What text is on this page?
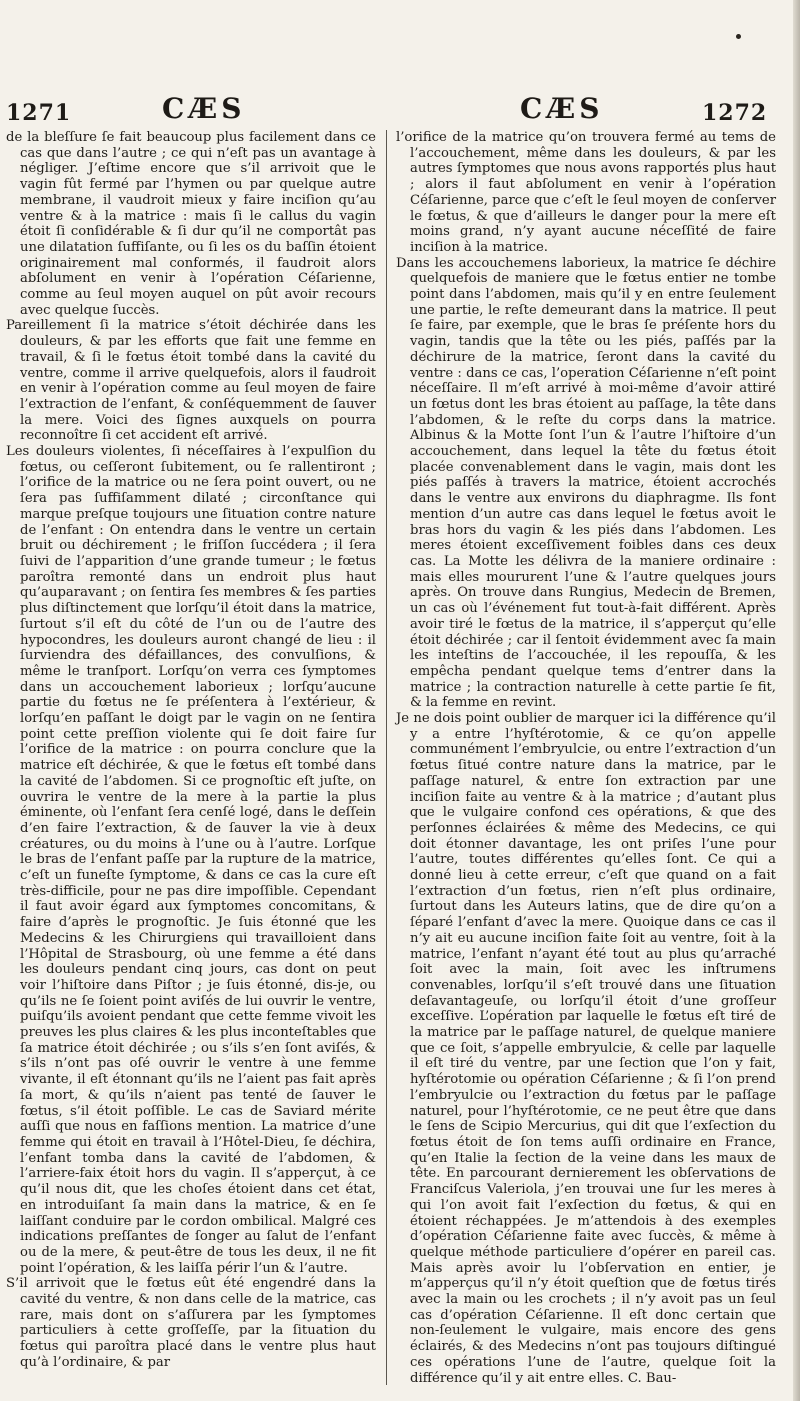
1271	CÆS	CÆS	1272

de la bleſſure ſe fait beaucoup plus facilement dans ce cas que dans l’autre ; ce qui n’eſt pas un avantage à négliger. J’eſtime encore que s’il arrivoit que le vagin fût fermé par l’hymen ou par quelque autre membrane, il vaudroit mieux y faire inciſion qu’au ventre & à la matrice : mais ſi le callus du vagin étoit ſi conſidérable & ſi dur qu’il ne comportât pas une dilatation ſuffiſante, ou ſi les os du baſſin étoient originairement mal conformés, il faudroit alors abſolument en venir à l’opération Céſarienne, comme au ſeul moyen auquel on pût avoir recours avec quelque ſuccès.

Pareillement ſi la matrice s’étoit déchirée dans les douleurs, & par les efforts que fait une femme en travail, & ſi le fœtus étoit tombé dans la cavité du ventre, comme il arrive quelquefois, alors il faudroit en venir à l’opération comme au ſeul moyen de faire l’extraction de l’enfant, & conſéquemment de ſauver la mere. Voici des ſignes auxquels on pourra reconnoître ſi cet accident eſt arrivé.

Les douleurs violentes, ſi néceſſaires à l’expulſion du fœtus, ou ceſſeront ſubitement, ou ſe rallentiront ; l’orifice de la matrice ou ne ſera point ouvert, ou ne ſera pas ſuffiſamment dilaté ; circonſtance qui marque preſque toujours une ſituation contre nature de l’enfant : On entendra dans le ventre un certain bruit ou déchirement ; le friſſon ſuccédera ; il ſera ſuivi de l’apparition d’une grande tumeur ; le fœtus paroîtra remonté dans un endroit plus haut qu’auparavant ; on ſentira ſes membres & ſes parties plus diſtinctement que lorſqu’il étoit dans la matrice, ſurtout s’il eſt du côté de l’un ou de l’autre des hypocondres, les douleurs auront changé de lieu : il ſurviendra des défaillances, des convulſions, & même le tranſport. Lorſqu’on verra ces ſymptomes dans un accouchement laborieux ; lorſqu’aucune partie du fœtus ne ſe préſentera à l’extérieur, & lorſqu’en paſſant le doigt par le vagin on ne ſentira point cette preſſion violente qui ſe doit faire ſur l’orifice de la matrice : on pourra conclure que la matrice eſt déchirée, & que le fœtus eſt tombé dans la cavité de l’abdomen. Si ce prognoſtic eſt juſte, on ouvrira le ventre de la mere à la partie la plus éminente, où l’enfant ſera cenſé logé, dans le deſſein d’en faire l’extraction, & de ſauver la vie à deux créatures, ou du moins à l’une ou à l’autre. Lorſque le bras de l’enfant paſſe par la rupture de la matrice, c’eſt un funeſte ſymptome, & dans ce cas la cure eſt très-difficile, pour ne pas dire impoſſible. Cependant il faut avoir égard aux ſymptomes concomitans, & faire d’après le prognoſtic. Je ſuis étonné que les Medecins & les Chirurgiens qui travailloient dans l’Hôpital de Strasbourg, où une femme a été dans les douleurs pendant cinq jours, cas dont on peut voir l’hiſtoire dans Piſtor ; je ſuis étonné, dis-je, ou qu’ils ne ſe ſoient point aviſés de lui ouvrir le ventre, puiſqu’ils avoient pendant que cette femme vivoit les preuves les plus claires & les plus inconteſtables que ſa matrice étoit déchirée ; ou s’ils s’en ſont aviſés, & s’ils n’ont pas oſé ouvrir le ventre à une femme vivante, il eſt étonnant qu’ils ne l’aient pas fait après ſa mort, & qu’ils n’aient pas tenté de ſauver le fœtus, s’il étoit poſſible. Le cas de Saviard mérite auſſi que nous en faſſions mention. La matrice d’une femme qui étoit en travail à l’Hôtel-Dieu, ſe déchira, l’enfant tomba dans la cavité de l’abdomen, & l’arriere-faix étoit hors du vagin. Il s’apperçut, à ce qu’il nous dit, que les choſes étoient dans cet état, en introduiſant ſa main dans la matrice, & en ſe laiſſant conduire par le cordon ombilical. Malgré ces indications preſſantes de ſonger au ſalut de l’enfant ou de la mere, & peut-être de tous les deux, il ne fit point l’opération, & les laiſſa périr l’un & l’autre.

S’il arrivoit que le fœtus eût été engendré dans la cavité du ventre, & non dans celle de la matrice, cas rare, mais dont on s’aſſurera par les ſymptomes particuliers à cette groſſeſſe, par la ſituation du fœtus qui paroîtra placé dans le ventre plus haut qu’à l’ordinaire, & par

l’orifice de la matrice qu’on trouvera fermé au tems de l’accouchement, même dans les douleurs, & par les autres ſymptomes que nous avons rapportés plus haut ; alors il faut abſolument en venir à l’opération Céſarienne, parce que c’eſt le ſeul moyen de conſerver le fœtus, & que d’ailleurs le danger pour la mere eſt moins grand, n’y ayant aucune néceſſité de faire inciſion à la matrice.

Dans les accouchemens laborieux, la matrice ſe déchire quelquefois de maniere que le fœtus entier ne tombe point dans l’abdomen, mais qu’il y en entre ſeulement une partie, le reſte demeurant dans la matrice. Il peut ſe faire, par exemple, que le bras ſe préſente hors du vagin, tandis que la tête ou les piés, paſſés par la déchirure de la matrice, ſeront dans la cavité du ventre : dans ce cas, l’operation Céſarienne n’eſt point néceſſaire. Il m’eſt arrivé à moi-même d’avoir attiré un fœtus dont les bras étoient au paſſage, la tête dans l’abdomen, & le reſte du corps dans la matrice. Albinus & la Motte ſont l’un & l’autre l’hiſtoire d’un accouchement, dans lequel la tête du fœtus étoit placée convenablement dans le vagin, mais dont les piés paſſés à travers la matrice, étoient accrochés dans le ventre aux environs du diaphragme. Ils font mention d’un autre cas dans lequel le fœtus avoit le bras hors du vagin & les piés dans l’abdomen. Les meres étoient exceſſivement foibles dans ces deux cas. La Motte les délivra de la maniere ordinaire : mais elles moururent l’une & l’autre quelques jours après. On trouve dans Rungius, Medecin de Bremen, un cas où l’événement fut tout-à-fait différent. Après avoir tiré le fœtus de la matrice, il s’apperçut qu’elle étoit déchirée ; car il ſentoit évidemment avec ſa main les inteſtins de l’accouchée, il les repouſſa, & les empêcha pendant quelque tems d’entrer dans la matrice ; la contraction naturelle à cette partie ſe fit, & la femme en revint.

Je ne dois point oublier de marquer ici la différence qu’il y a entre l’hyſtérotomie, & ce qu’on appelle communément l’embryulcie, ou entre l’extraction d’un fœtus ſitué contre nature dans la matrice, par le paſſage naturel, & entre ſon extraction par une inciſion faite au ventre & à la matrice ; d’autant plus que le vulgaire confond ces opérations, & que des perſonnes éclairées & même des Medecins, ce qui doit étonner davantage, les ont priſes l’une pour l’autre, toutes différentes qu’elles ſont. Ce qui a donné lieu à cette erreur, c’eſt que quand on a fait l’extraction d’un fœtus, rien n’eſt plus ordinaire, ſurtout dans les Auteurs latins, que de dire qu’on a ſéparé l’enfant d’avec la mere. Quoique dans ce cas il n’y ait eu aucune inciſion faite ſoit au ventre, ſoit à la matrice, l’enfant n’ayant été tout au plus qu’arraché ſoit avec la main, ſoit avec les inſtrumens convenables, lorſqu’il s’eſt trouvé dans une ſituation deſavantageuſe, ou lorſqu’il étoit d’une groſſeur exceſſive. L’opération par laquelle le fœtus eſt tiré de la matrice par le paſſage naturel, de quelque maniere que ce ſoit, s’appelle embryulcie, & celle par laquelle il eſt tiré du ventre, par une ſection que l’on y fait, hyſtérotomie ou opération Céſarienne ; & ſi l’on prend l’embryulcie ou l’extraction du fœtus par le paſſage naturel, pour l’hyſtérotomie, ce ne peut être que dans le ſens de Scipio Mercurius, qui dit que l’exſection du fœtus étoit de ſon tems auſſi ordinaire en France, qu’en Italie la ſection de la veine dans les maux de tête. En parcourant dernierement les obſervations de Franciſcus Valeriola, j’en trouvai une ſur les meres à qui l’on avoit fait l’exſection du fœtus, & qui en étoient réchappées. Je m’attendois à des exemples d’opération Céſarienne faite avec ſuccès, & même à quelque méthode particuliere d’opérer en pareil cas. Mais après avoir lu l’obſervation en entier, je m’apperçus qu’il n’y étoit queſtion que de fœtus tirés avec la main ou les crochets ; il n’y avoit pas un ſeul cas d’opération Céſarienne. Il eſt donc certain que non-ſeulement le vulgaire, mais encore des gens éclairés, & des Medecins n’ont pas toujours diſtingué ces opérations l’une de l’autre, quelque ſoit la différence qu’il y ait entre elles. C. Bau-
